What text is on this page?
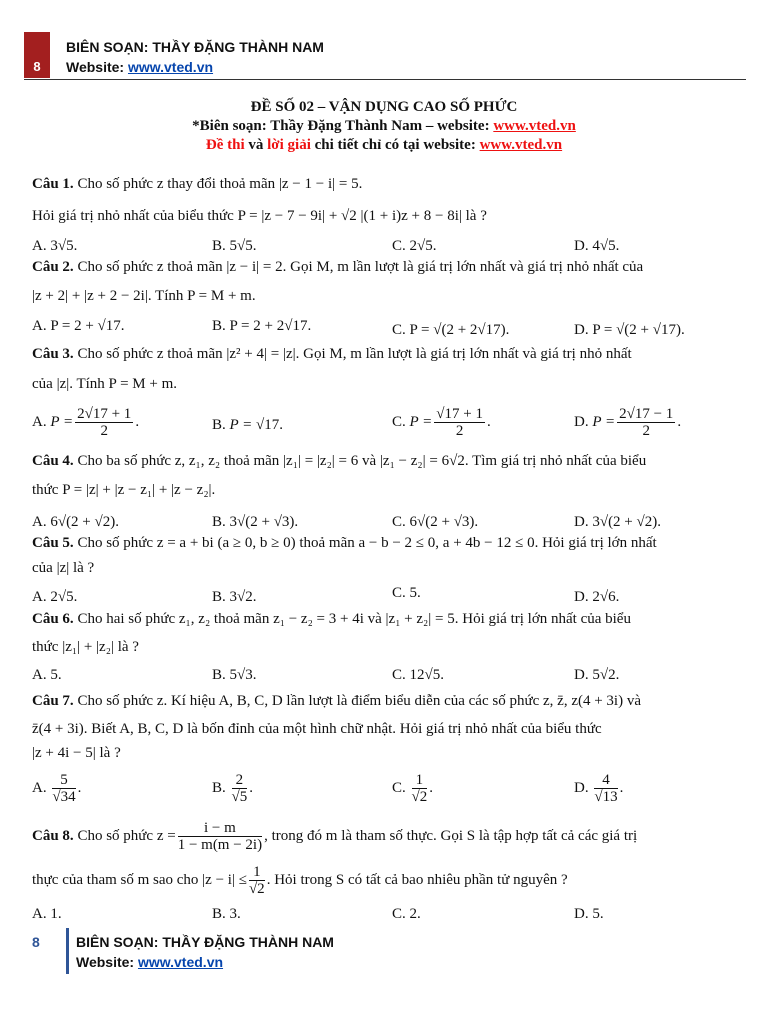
8
BIÊN SOẠN: THẦY ĐẶNG THÀNH NAM
Website: www.vted.vn
ĐỀ SỐ 02 – VẬN DỤNG CAO SỐ PHỨC
*Biên soạn: Thầy Đặng Thành Nam – website: www.vted.vn
Đề thi và lời giải chi tiết chỉ có tại website: www.vted.vn
Câu 1. Cho số phức z thay đổi thoả mãn |z − 1 − i| = 5.
Hỏi giá trị nhỏ nhất của biểu thức P = |z − 7 − 9i| + √2 |(1 + i)z + 8 − 8i| là ?
A. 3√5.	B. 5√5.	C. 2√5.	D. 4√5.
Câu 2. Cho số phức z thoả mãn |z − i| = 2. Gọi M, m lần lượt là giá trị lớn nhất và giá trị nhỏ nhất của
|z + 2| + |z + 2 − 2i|. Tính P = M + m.
A. P = 2 + √17.	B. P = 2 + 2√17.	C. P = √(2 + 2√17).	D. P = √(2 + √17).
Câu 3. Cho số phức z thoả mãn |z² + 4| = |z|. Gọi M, m lần lượt là giá trị lớn nhất và giá trị nhỏ nhất
của |z|. Tính P = M + m.
A. $P = \frac{2√17 + 1}{2}$ .	B. P = √17.	C. $P = \frac{√17 + 1}{2}$ .	D. $P = \frac{2√17 - 1}{2}$ .
Câu 4. Cho ba số phức z, z₁, z₂ thoả mãn |z₁| = |z₂| = 6 và |z₁ − z₂| = 6√2. Tìm giá trị nhỏ nhất của biểu
thức P = |z| + |z − z₁| + |z − z₂|.
A. 6√(2 + √2).	B. 3√(2 + √3).	C. 6√(2 + √3).	D. 3√(2 + √2).
Câu 5. Cho số phức z = a + bi (a ≥ 0, b ≥ 0) thoả mãn a − b − 2 ≤ 0, a + 4b − 12 ≤ 0. Hỏi giá trị lớn nhất
của |z| là ?
A. 2√5.	B. 3√2.	C. 5.	D. 2√6.
Câu 6. Cho hai số phức z₁, z₂ thoả mãn z₁ − z₂ = 3 + 4i và |z₁ + z₂| = 5. Hỏi giá trị lớn nhất của biểu
thức |z₁| + |z₂| là ?
A. 5.	B. 5√3.	C. 12√5.	D. 5√2.
Câu 7. Cho số phức z. Kí hiệu A, B, C, D lần lượt là điểm biểu diễn của các số phức z, z̄, z(4 + 3i) và
z̄(4 + 3i). Biết A, B, C, D là bốn đỉnh của một hình chữ nhật. Hỏi giá trị nhỏ nhất của biểu thức
|z + 4i − 5| là ?
A. $\frac{5}{√34}$ .	B. $\frac{2}{√5}$ .	C. $\frac{1}{√2}$ .	D. $\frac{4}{√13}$ .
Câu 8. Cho số phức $z = \frac{i - m}{1 - m(m - 2i)}$ , trong đó m là tham số thực. Gọi S là tập hợp tất cả các giá trị
thực của tham số m sao cho $|z - i| \le \frac{1}{√2}$ . Hỏi trong S có tất cả bao nhiêu phần tử nguyên ?
A. 1.	B. 3.	C. 2.	D. 5.
8	BIÊN SOẠN: THẦY ĐẶNG THÀNH NAM
Website: www.vted.vn
